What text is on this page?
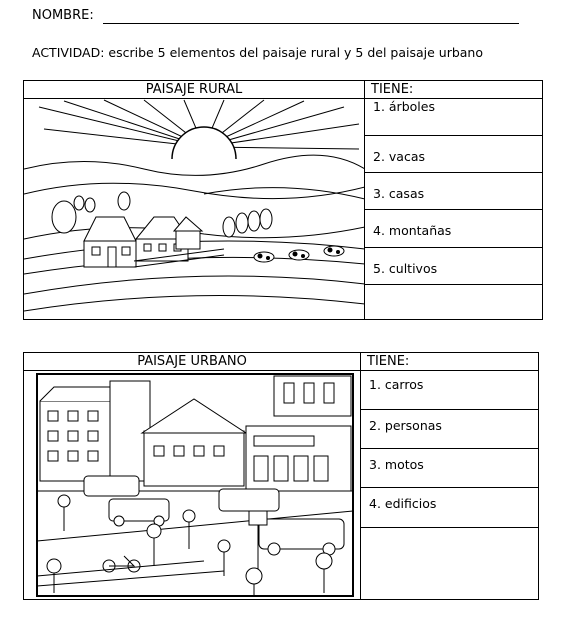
NOMBRE:
ACTIVIDAD: escribe 5 elementos del paisaje rural y 5 del paisaje urbano
PAISAJE RURAL	TIENE:

	1. árboles
	2. vacas
	3. casas
	4. montañas
	5. cultivos

PAISAJE URBANO	TIENE:

	1. carros
	2. personas
	3. motos
	4. edificios
